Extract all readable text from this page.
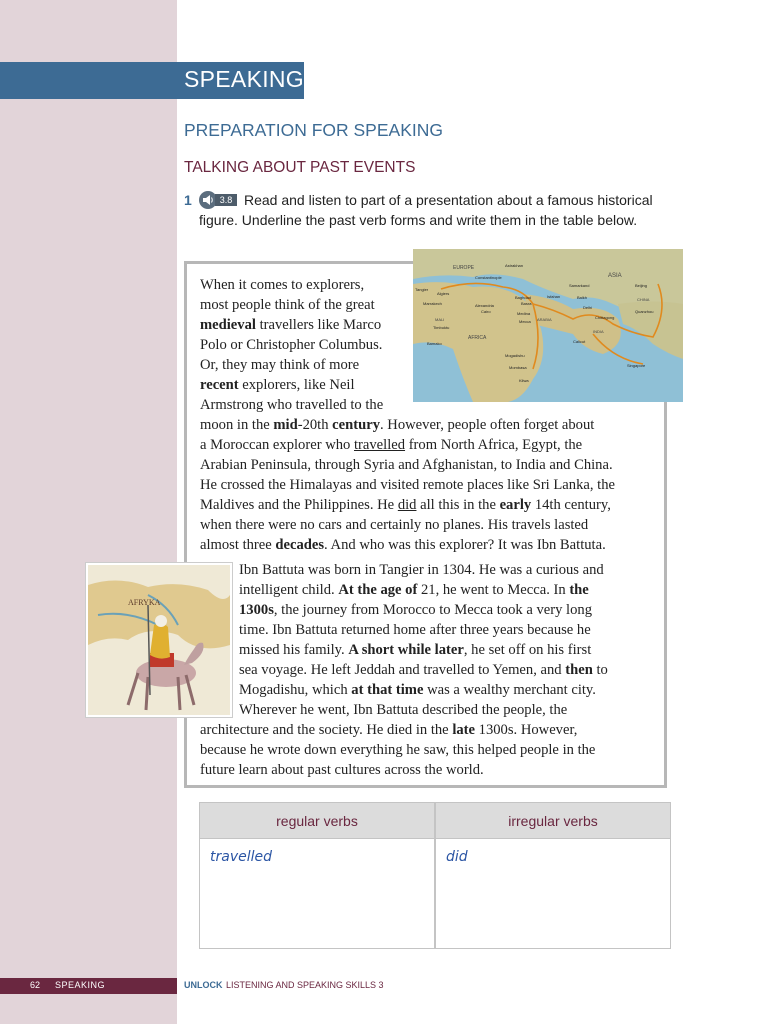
SPEAKING
PREPARATION FOR SPEAKING
TALKING ABOUT PAST EVENTS
1	3.8 Read and listen to part of a presentation about a famous historical
figure. Underline the past verb forms and write them in the table below.
EUROPE
ASIA
AFRICA
Astrakhan
Constantinople
Tangier
Algiers
Alexandria
Cairo
Baghdad
Basra
Isfahan
Medina
Mecca ARABIA
Samarkand
Balkh
Delhi
Chittagong
Beijing
CHINA
Quanzhou
Marrakech
MALI
Timbuktu
Bamako
Mogadishu
Mombasa
Kilwa
INDIA
Calicut
Singapore
AFRYKA
When it comes to explorers,
most people think of the great
medieval travellers like Marco
Polo or Christopher Columbus.
Or, they may think of more
recent explorers, like Neil
Armstrong who travelled to the
moon in the mid-20th century. However, people often forget about
a Moroccan explorer who travelled from North Africa, Egypt, the
Arabian Peninsula, through Syria and Afghanistan, to India and China.
He crossed the Himalayas and visited remote places like Sri Lanka, the
Maldives and the Philippines. He did all this in the early 14th century,
when there were no cars and certainly no planes. His travels lasted
almost three decades. And who was this explorer? It was Ibn Battuta.
Ibn Battuta was born in Tangier in 1304. He was a curious and
intelligent child. At the age of 21, he went to Mecca. In the
1300s, the journey from Morocco to Mecca took a very long
time. Ibn Battuta returned home after three years because he
missed his family. A short while later, he set off on his first
sea voyage. He left Jeddah and travelled to Yemen, and then to
Mogadishu, which at that time was a wealthy merchant city.
Wherever he went, Ibn Battuta described the people, the
architecture and the society. He died in the late 1300s. However,
because he wrote down everything he saw, this helped people in the
future learn about past cultures across the world.
regular verbs	irregular verbs
travelled	did
62 SPEAKING	UNLOCK LISTENING AND SPEAKING SKILLS 3
